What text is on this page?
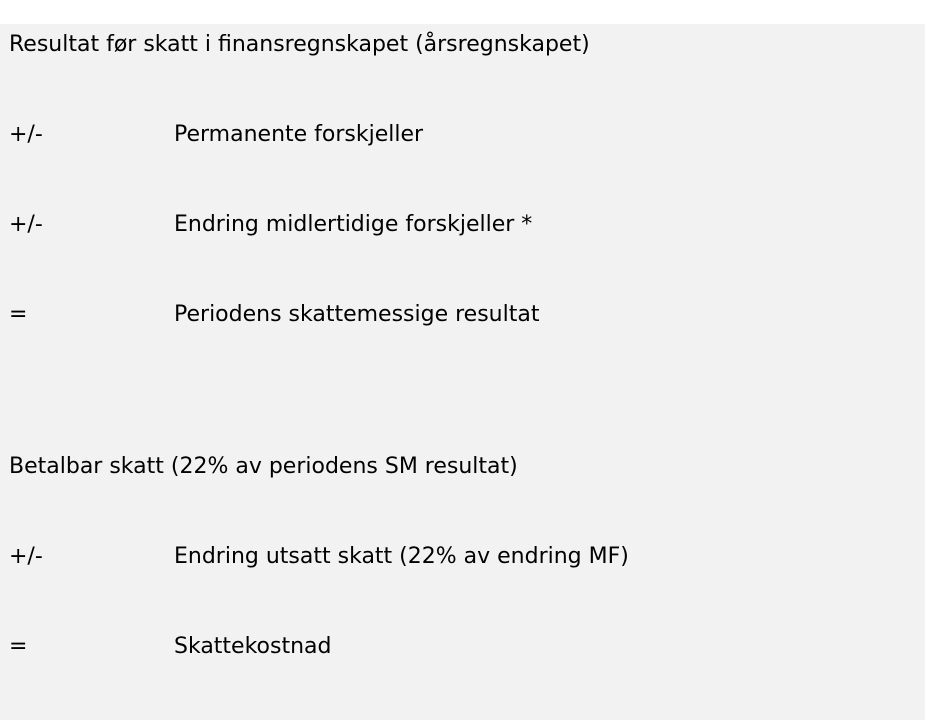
Resultat før skatt i finansregnskapet (årsregnskapet)
+/-	Permanente forskjeller
+/-	Endring midlertidige forskjeller *
=	Periodens skattemessige resultat
Betalbar skatt (22% av periodens SM resultat)
+/-	Endring utsatt skatt (22% av endring MF)
=	Skattekostnad
